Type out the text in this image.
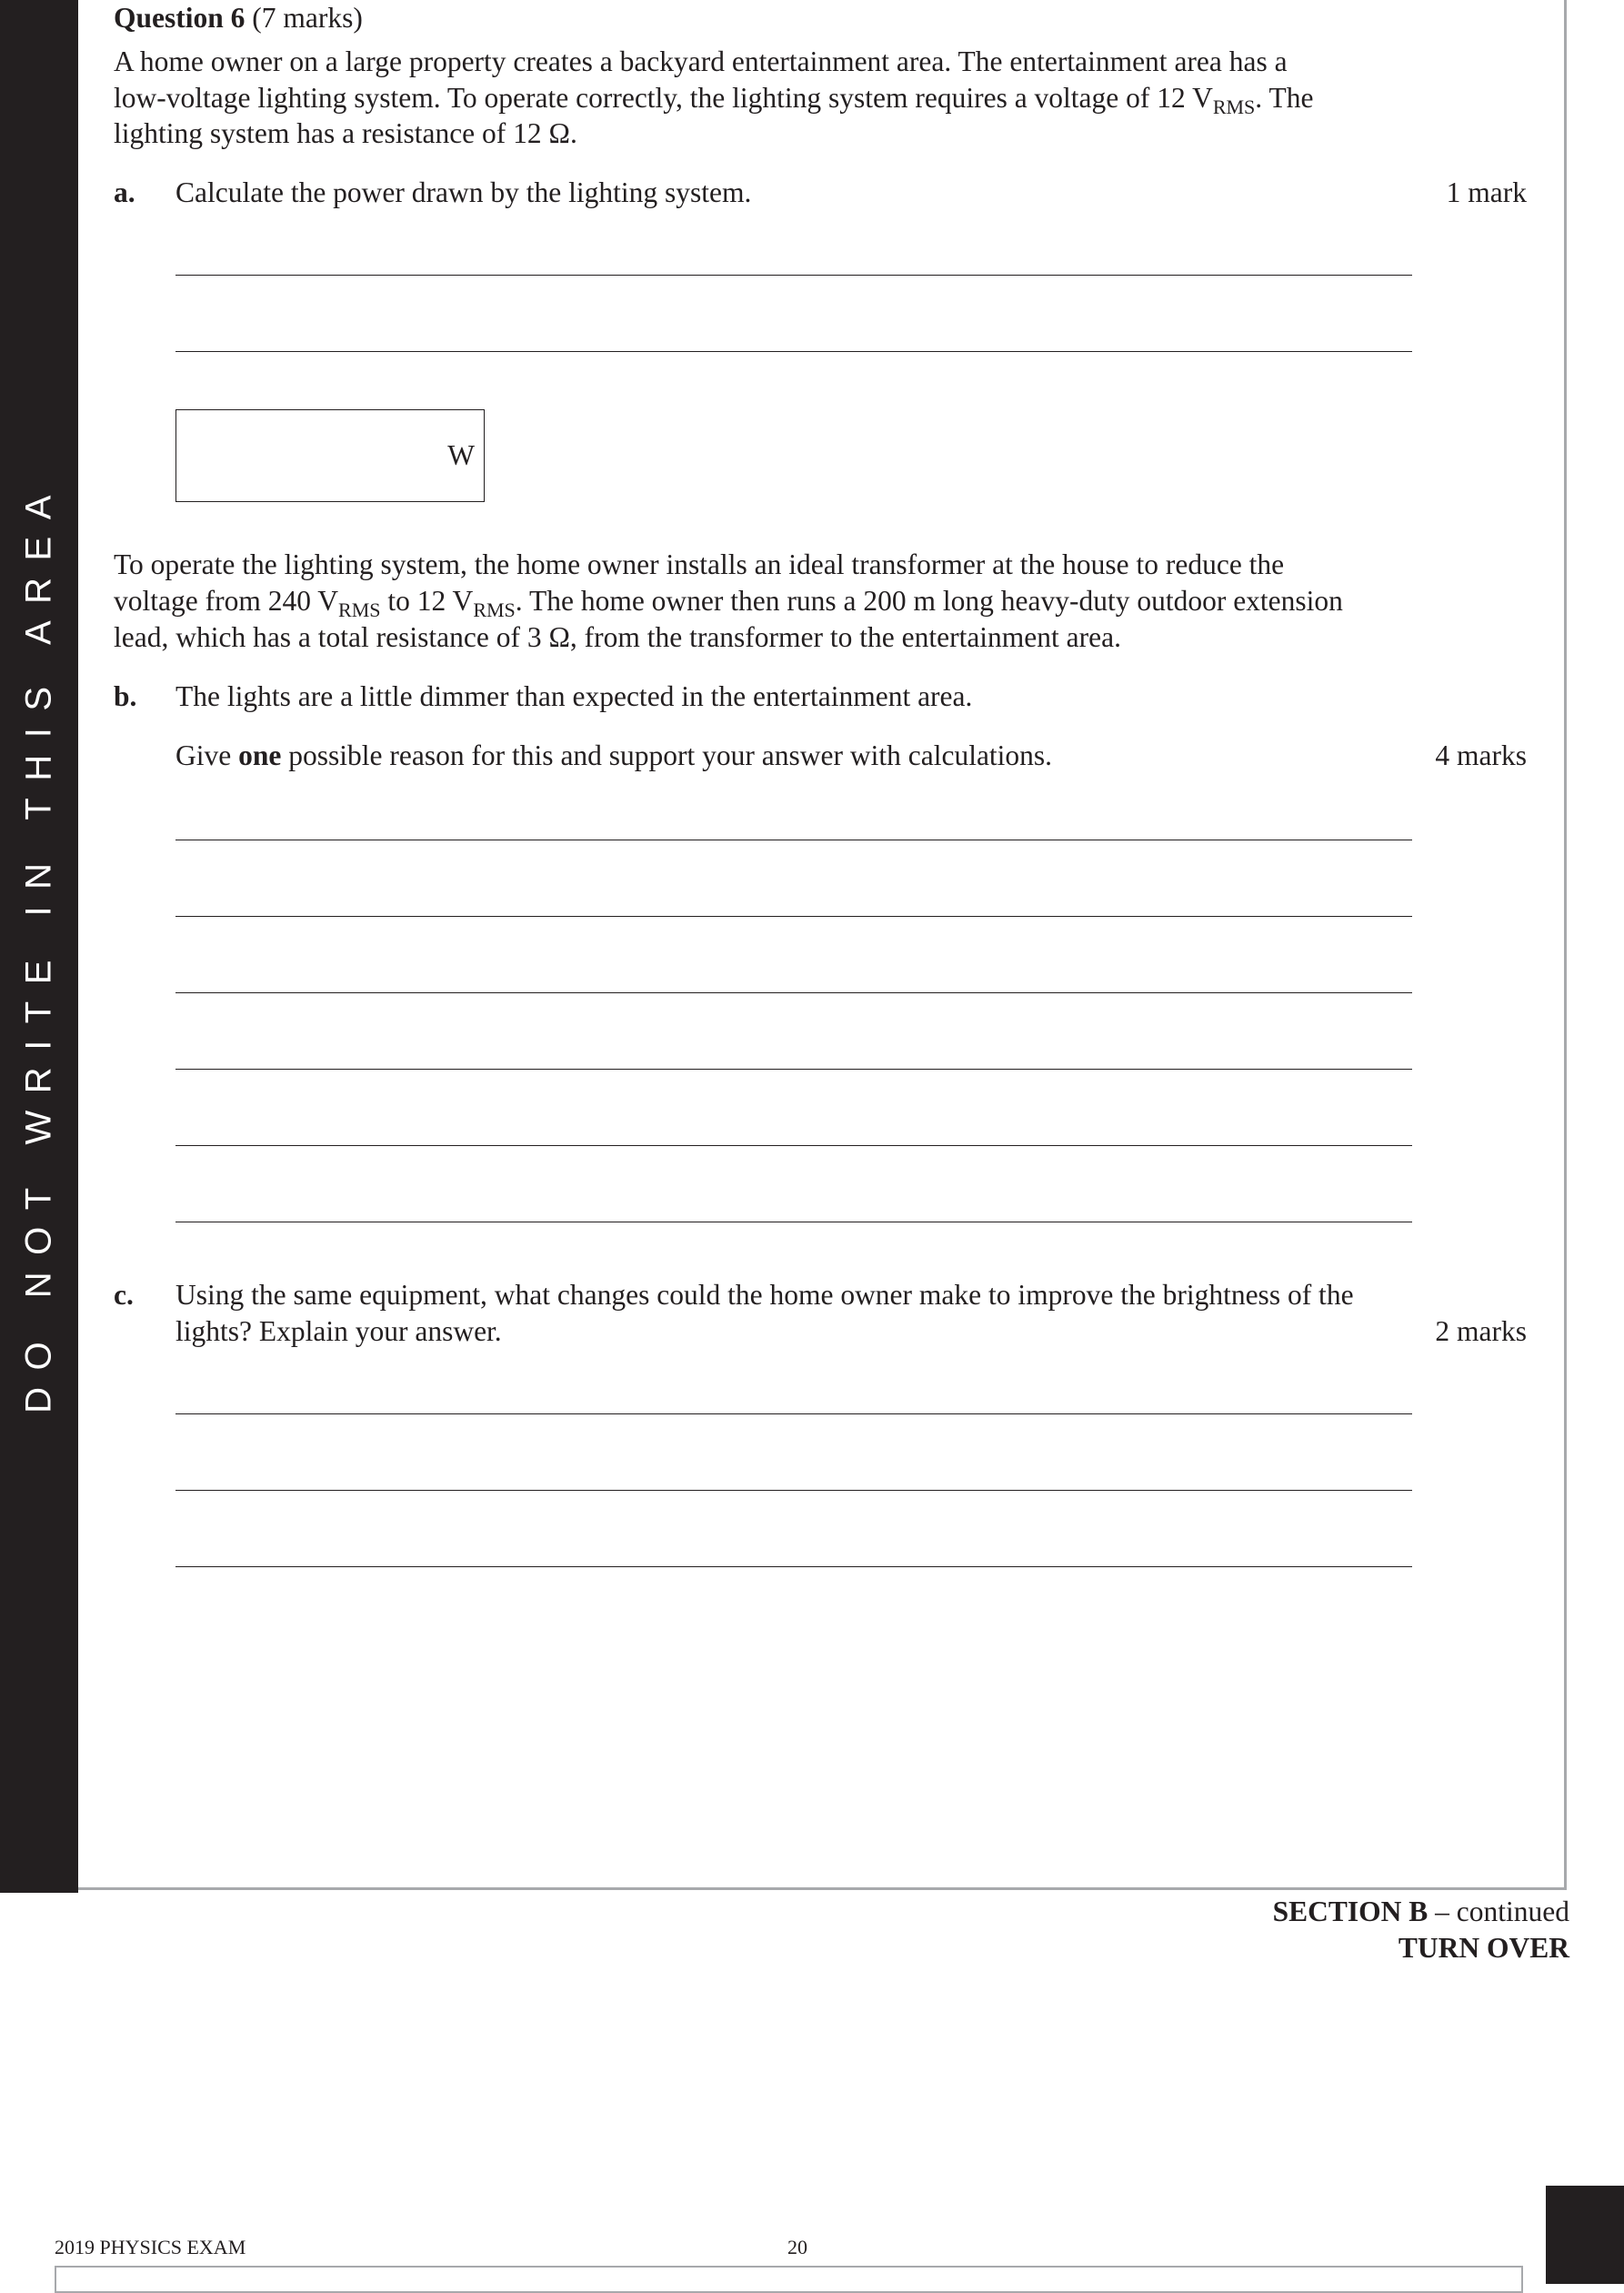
DO NOT WRITE IN THIS AREA
Question 6 (7 marks)
A home owner on a large property creates a backyard entertainment area. The entertainment area has a
low-voltage lighting system. To operate correctly, the lighting system requires a voltage of 12 $V_{RMS}$. The
lighting system has a resistance of 12 Ω.
a. Calculate the power drawn by the lighting system.	1 mark
W
To operate the lighting system, the home owner installs an ideal transformer at the house to reduce the
voltage from 240 $V_{RMS}$ to 12 $V_{RMS}$. The home owner then runs a 200 m long heavy-duty outdoor extension
lead, which has a total resistance of 3 Ω, from the transformer to the entertainment area.
b. The lights are a little dimmer than expected in the entertainment area.
Give one possible reason for this and support your answer with calculations.	4 marks
c. Using the same equipment, what changes could the home owner make to improve the brightness of the
lights? Explain your answer.	2 marks
SECTION B – continued
TURN OVER
2019 PHYSICS EXAM	20
